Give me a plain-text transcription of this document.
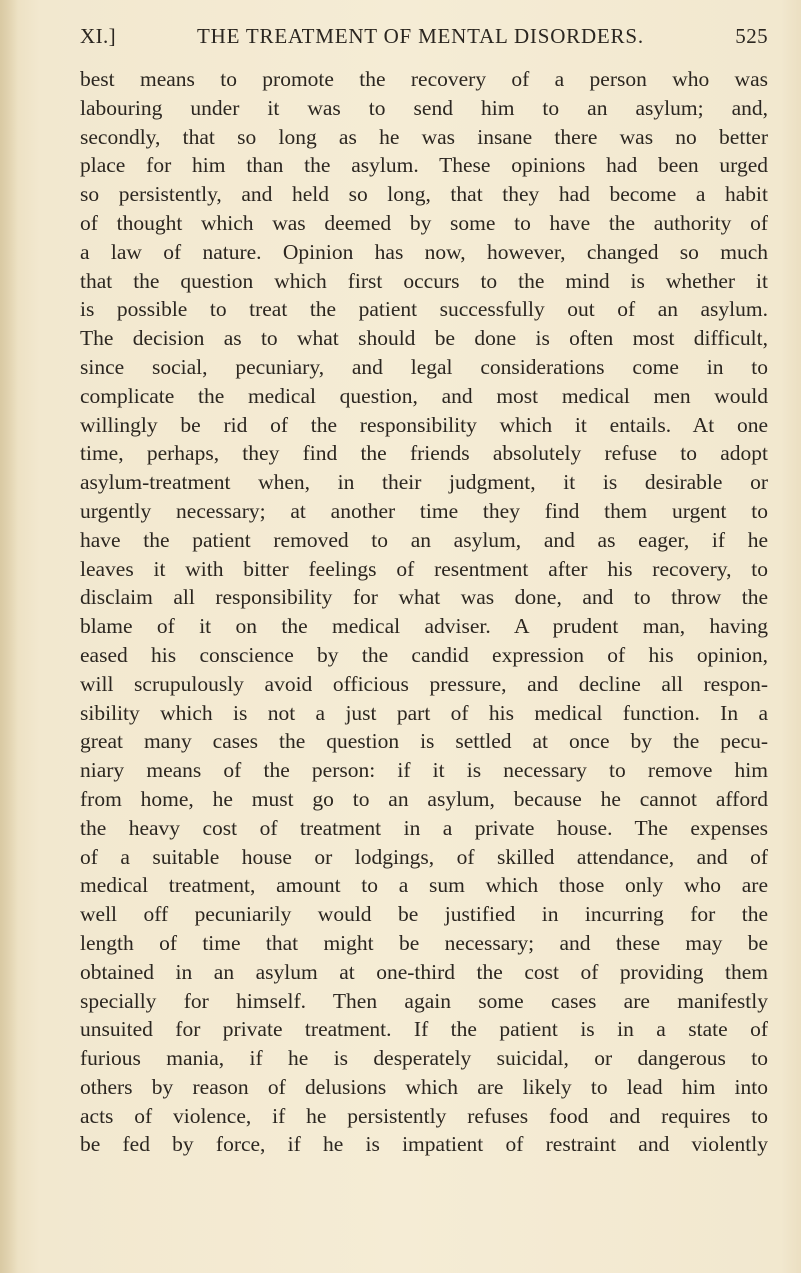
XI.]	THE TREATMENT OF MENTAL DISORDERS.	525
best means to promote the recovery of a person who was
labouring under it was to send him to an asylum; and,
secondly, that so long as he was insane there was no better
place for him than the asylum. These opinions had been urged
so persistently, and held so long, that they had become a habit
of thought which was deemed by some to have the authority of
a law of nature. Opinion has now, however, changed so much
that the question which first occurs to the mind is whether it
is possible to treat the patient successfully out of an asylum.
The decision as to what should be done is often most difficult,
since social, pecuniary, and legal considerations come in to
complicate the medical question, and most medical men would
willingly be rid of the responsibility which it entails. At one
time, perhaps, they find the friends absolutely refuse to adopt
asylum-treatment when, in their judgment, it is desirable or
urgently necessary; at another time they find them urgent to
have the patient removed to an asylum, and as eager, if he
leaves it with bitter feelings of resentment after his recovery, to
disclaim all responsibility for what was done, and to throw the
blame of it on the medical adviser. A prudent man, having
eased his conscience by the candid expression of his opinion,
will scrupulously avoid officious pressure, and decline all respon-
sibility which is not a just part of his medical function. In a
great many cases the question is settled at once by the pecu-
niary means of the person: if it is necessary to remove him
from home, he must go to an asylum, because he cannot afford
the heavy cost of treatment in a private house. The expenses
of a suitable house or lodgings, of skilled attendance, and of
medical treatment, amount to a sum which those only who are
well off pecuniarily would be justified in incurring for the
length of time that might be necessary; and these may be
obtained in an asylum at one-third the cost of providing them
specially for himself. Then again some cases are manifestly
unsuited for private treatment. If the patient is in a state of
furious mania, if he is desperately suicidal, or dangerous to
others by reason of delusions which are likely to lead him into
acts of violence, if he persistently refuses food and requires to
be fed by force, if he is impatient of restraint and violently
